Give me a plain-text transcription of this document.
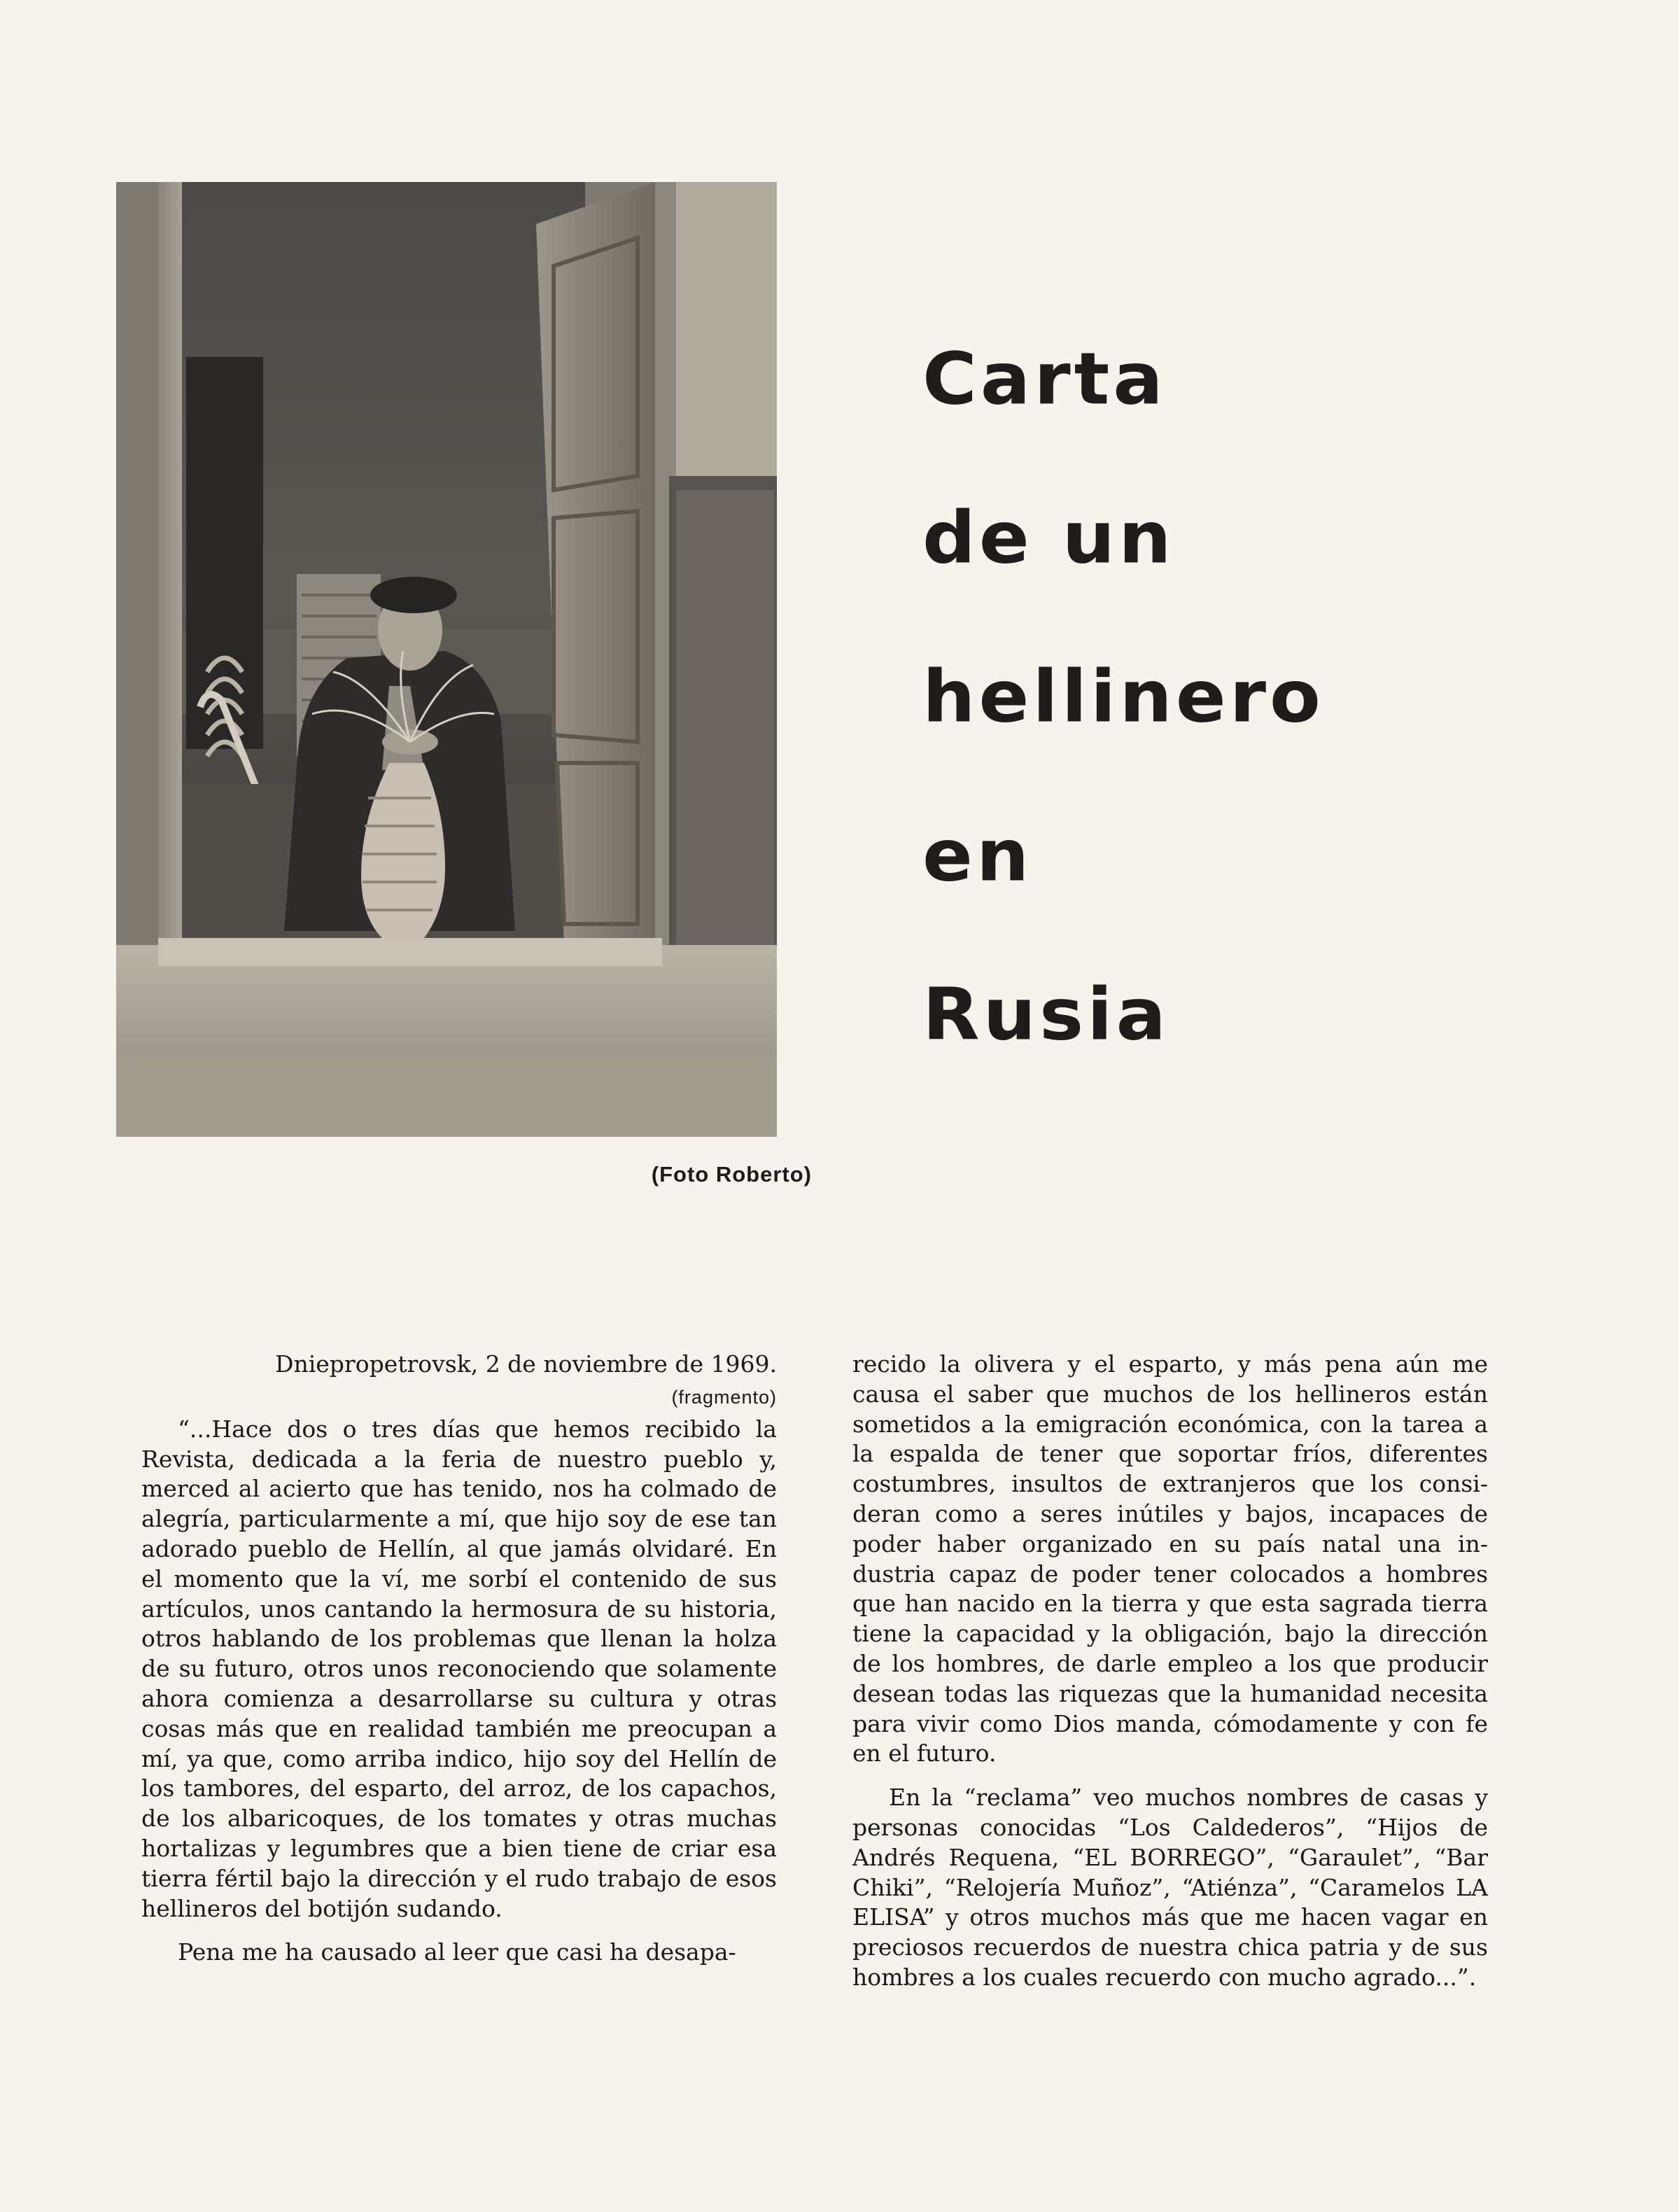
(Foto Roberto)
Carta
de un
hellinero
en
Rusia

Dniepropetrovsk, 2 de noviembre de 1969.

(fragmento)

“...Hace dos o tres días que hemos recibido la Revista, dedicada a la feria de nuestro pueblo y, merced al acierto que has tenido, nos ha colmado de alegría, particularmente a mí, que hijo soy de ese tan adorado pueblo de Hellín, al que jamás olvidaré. En el momento que la ví, me sorbí el contenido de sus artículos, unos cantando la hermosura de su historia, otros hablando de los problemas que llenan la holza de su futuro, otros unos reconociendo que solamente ahora comienza a desarrollarse su cultura y otras cosas más que en realidad también me preocupan a mí, ya que, como arriba indico, hijo soy del Hellín de los tambores, del esparto, del arroz, de los capachos, de los albaricoques, de los tomates y otras muchas hortalizas y legumbres que a bien tiene de criar esa tierra fértil bajo la dirección y el rudo trabajo de esos hellineros del botijón sudando.

Pena me ha causado al leer que casi ha desapa-

recido la olivera y el esparto, y más pena aún me causa el saber que muchos de los hellineros están sometidos a la emigración económica, con la tarea a la espalda de tener que soportar fríos, diferentes costumbres, insultos de extranjeros que los consideran como a seres inútiles y bajos, incapaces de poder haber organizado en su país natal una industria capaz de poder tener colocados a hombres que han nacido en la tierra y que esta sagrada tierra tiene la capacidad y la obligación, bajo la dirección de los hombres, de darle empleo a los que producir desean todas las riquezas que la humanidad necesita para vivir como Dios manda, cómodamente y con fe en el futuro.

En la “reclama” veo muchos nombres de casas y personas conocidas “Los Caldederos”, “Hijos de Andrés Requena, “EL BORREGO”, “Garaulet”, “Bar Chiki”, “Relojería Muñoz”, “Atiénza”, “Caramelos LA ELISA” y otros muchos más que me hacen vagar en preciosos recuerdos de nuestra chica patria y de sus hombres a los cuales recuerdo con mucho agrado...”.
